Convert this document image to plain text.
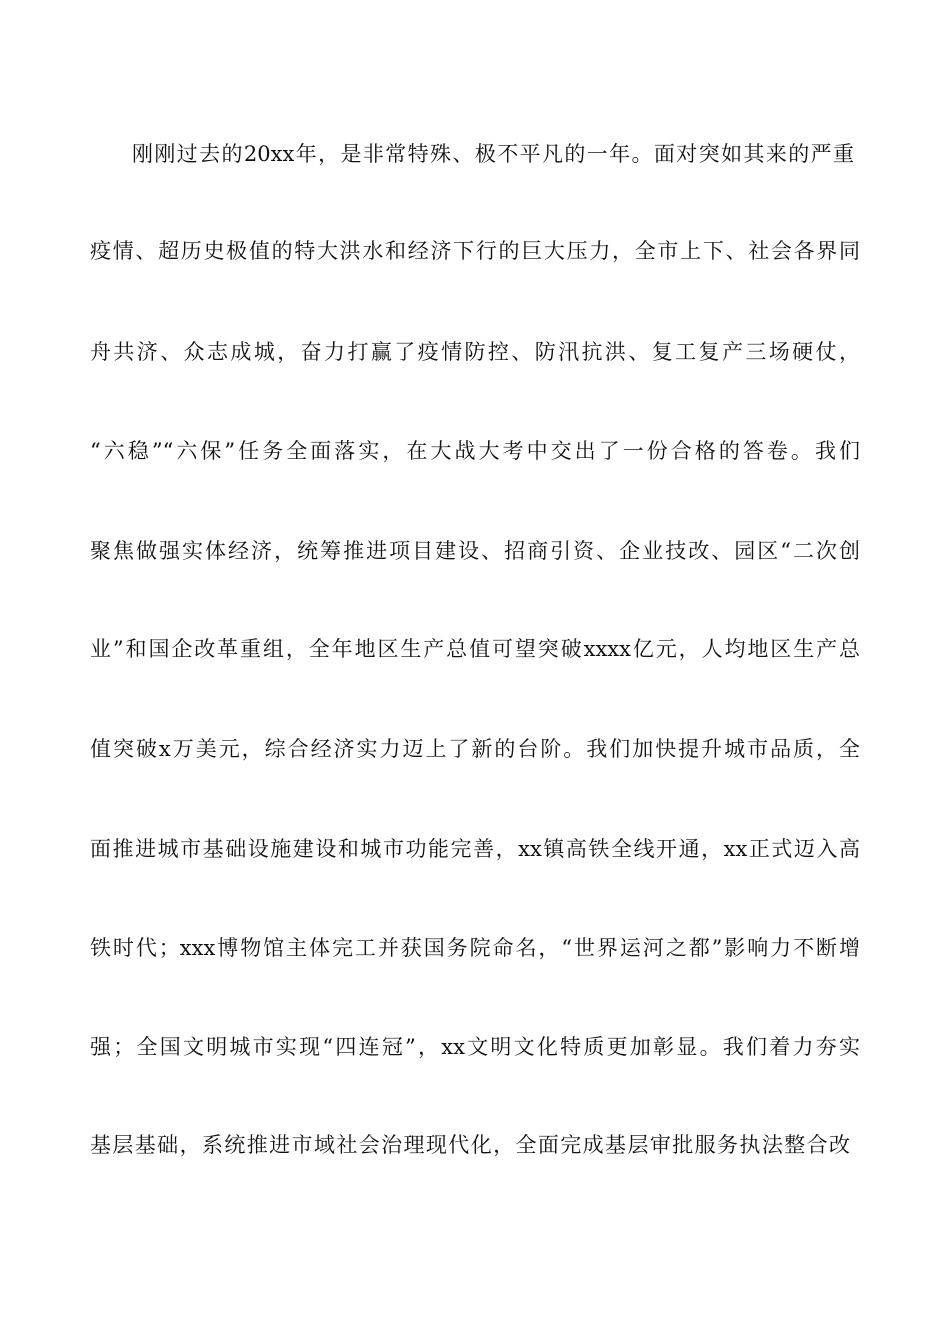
刚刚过去的20xx年，是非常特殊、极不平凡的一年。面对突如其来的严重
疫情、超历史极值的特大洪水和经济下行的巨大压力，全市上下、社会各界同
舟共济、众志成城，奋力打赢了疫情防控、防汛抗洪、复工复产三场硬仗，
“六稳”“六保”任务全面落实，在大战大考中交出了一份合格的答卷。我们
聚焦做强实体经济，统筹推进项目建设、招商引资、企业技改、园区“二次创
业”和国企改革重组，全年地区生产总值可望突破xxxx亿元，人均地区生产总
值突破x万美元，综合经济实力迈上了新的台阶。我们加快提升城市品质，全
面推进城市基础设施建设和城市功能完善，xx镇高铁全线开通，xx正式迈入高
铁时代；xxx博物馆主体完工并获国务院命名，“世界运河之都”影响力不断增
强；全国文明城市实现“四连冠”，xx文明文化特质更加彰显。我们着力夯实
基层基础，系统推进市域社会治理现代化，全面完成基层审批服务执法整合改
